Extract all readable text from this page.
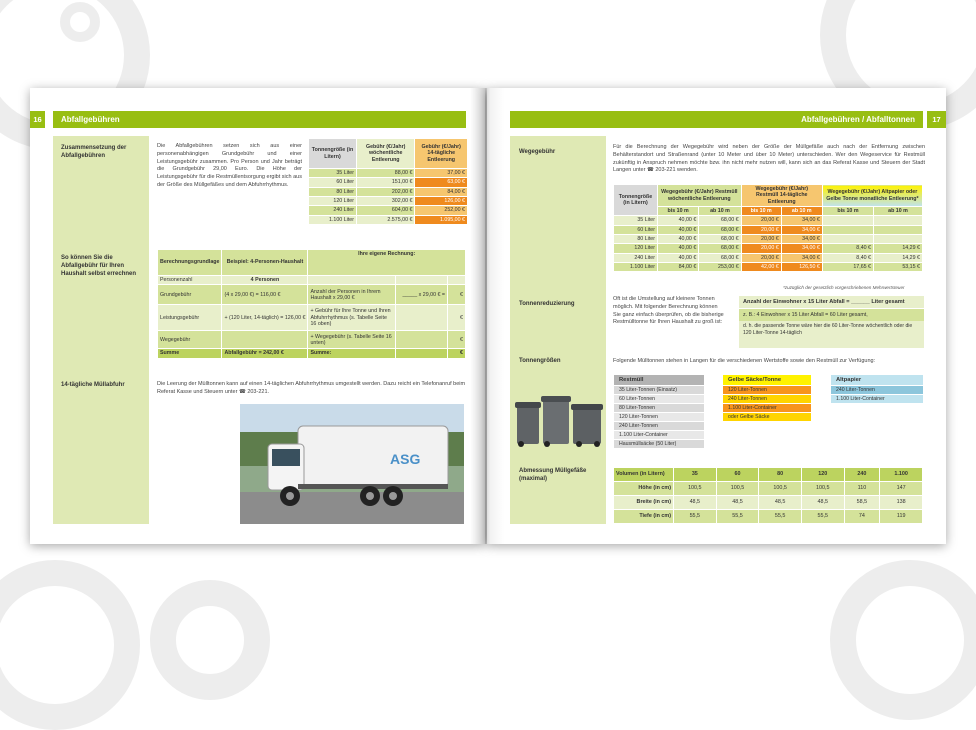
16	Abfallgebühren
Zusammensetzung der Abfallgebühren
Die Abfallgebühren setzen sich aus einer personenabhängigen Grundgebühr und einer Leistungsgebühr zusammen. Pro Person und Jahr beträgt die Grundgebühr 29,00 Euro. Die Höhe der Leistungsgebühr für die Restmüllentsorgung ergibt sich aus der Größe des Müllgefäßes und dem Abfuhrrhythmus.
Tonnengröße (in Litern)	Gebühr (€/Jahr) wöchentliche Entleerung	Gebühr (€/Jahr) 14-tägliche Entleerung
35 Liter	88,00 €	37,00 €
60 Liter	151,00 €	63,00 €
80 Liter	202,00 €	84,00 €
120 Liter	302,00 €	126,00 €
240 Liter	604,00 €	252,00 €
1.100 Liter	2.575,00 €	1.095,00 €
So können Sie die Abfallgebühr für Ihren Haushalt selbst errechnen
Berechnungsgrundlage	Beispiel: 4-Personen-Haushalt	Ihre eigene Rechnung:		
Personenzahl	4 Personen			
Grundgebühr	(4 x 29,00 €) = 116,00 €	Anzahl der Personen in Ihrem Haushalt x 29,00 €	_____ x 29,00 € =	€
Leistungsgebühr	+ (120 Liter, 14-täglich) = 126,00 €	+ Gebühr für Ihre Tonne und Ihren Abfuhrrhythmus (s. Tabelle Seite 16 oben)		€
Wegegebühr		+ Wegegebühr (s. Tabelle Seite 16 unten)		€
Summe	Abfallgebühr = 242,00 €	Summe:		€
14-tägliche Müllabfuhr	Die Leerung der Mülltonnen kann auf einen 14-täglichen Abfuhrrhythmus umgestellt werden. Dazu reicht ein Telefonanruf beim Referat Kasse und Steuern unter ☎ 203-221.
ASG
Abfallgebühren / Abfalltonnen	17
Wegegebühr
Für die Berechnung der Wegegebühr wird neben der Größe der Müllgefäße auch nach der Entfernung zwischen Behälterstandort und Straßenrand (unter 10 Meter und über 10 Meter) unterschieden. Wer den Wegeservice für Restmüll zukünftig in Anspruch nehmen möchte bzw. ihn nicht mehr nutzen will, kann sich an das Referat Kasse und Steuern der Stadt Langen unter ☎ 203-221 wenden.
Tonnengröße (in Litern)	Wegegebühr (€/Jahr) Restmüll wöchentliche Entleerung		Wegegebühr (€/Jahr) Restmüll 14-tägliche Entleerung		Wegegebühr (€/Jahr) Altpapier oder Gelbe Tonne monatliche Entleerung*	
	bis 10 m	ab 10 m	bis 10 m	ab 10 m	bis 10 m	ab 10 m
35 Liter	40,00 €	68,00 €	20,00 €	34,00 €		
60 Liter	40,00 €	68,00 €	20,00 €	34,00 €		
80 Liter	40,00 €	68,00 €	20,00 €	34,00 €		
120 Liter	40,00 €	68,00 €	20,00 €	34,00 €	8,40 €	14,29 €
240 Liter	40,00 €	68,00 €	20,00 €	34,00 €	8,40 €	14,29 €
1.100 Liter	84,00 €	253,00 €	42,00 €	126,50 €	17,65 €	53,15 €
*zuzüglich der gesetzlich vorgeschriebenen Mehrwertsteuer
Tonnenreduzierung
Oft ist die Umstellung auf kleinere Tonnen möglich. Mit folgender Berechnung können Sie ganz einfach überprüfen, ob die bisherige Restmülltonne für Ihren Haushalt zu groß ist:
Anzahl der Einwohner x 15 Liter Abfall = ______ Liter gesamt
z. B.: 4 Einwohner x 15 Liter Abfall = 60 Liter gesamt,
d. h. die passende Tonne wäre hier die 60 Liter-Tonne wöchentlich oder die 120 Liter-Tonne 14-täglich
Tonnengrößen	Folgende Mülltonnen stehen in Langen für die verschiedenen Wertstoffe sowie den Restmüll zur Verfügung:
Restmüll
35 Liter-Tonnen (Einsatz)
60 Liter-Tonnen
80 Liter-Tonnen
120 Liter-Tonnen
240 Liter-Tonnen
1.100 Liter-Container
Hausmüllsäcke (50 Liter)
Gelbe Säcke/Tonne
120 Liter-Tonnen
240 Liter-Tonnen
1.100 Liter-Container
oder Gelbe Säcke
Altpapier
240 Liter-Tonnen
1.100 Liter-Container
Abmessung Müllgefäße (maximal)
Volumen (in Litern)	35	60	80	120	240	1.100
Höhe (in cm)	100,5	100,5	100,5	100,5	110	147
Breite (in cm)	48,5	48,5	48,5	48,5	58,5	138
Tiefe (in cm)	55,5	55,5	55,5	55,5	74	119
